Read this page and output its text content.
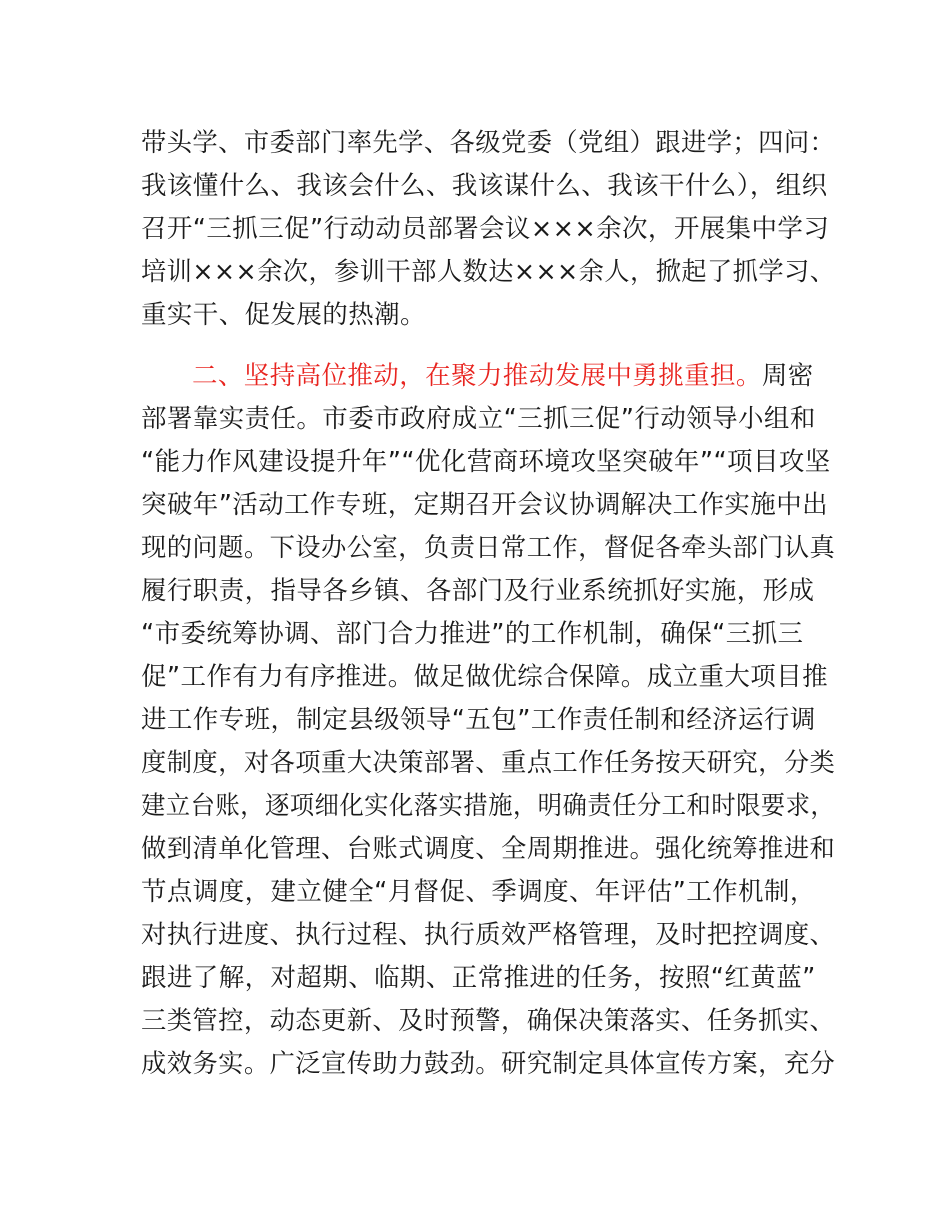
带头学、市委部门率先学、各级党委（党组）跟进学；四问：
我该懂什么、我该会什么、我该谋什么、我该干什么），组织
召开“三抓三促”行动动员部署会议×××余次，开展集中学习
培训×××余次，参训干部人数达×××余人，掀起了抓学习、
重实干、促发展的热潮。
二、坚持高位推动，在聚力推动发展中勇挑重担。周密
部署靠实责任。市委市政府成立“三抓三促”行动领导小组和
“能力作风建设提升年”“优化营商环境攻坚突破年”“项目攻坚
突破年”活动工作专班，定期召开会议协调解决工作实施中出
现的问题。下设办公室，负责日常工作，督促各牵头部门认真
履行职责，指导各乡镇、各部门及行业系统抓好实施，形成
“市委统筹协调、部门合力推进”的工作机制，确保“三抓三
促”工作有力有序推进。做足做优综合保障。成立重大项目推
进工作专班，制定县级领导“五包”工作责任制和经济运行调
度制度，对各项重大决策部署、重点工作任务按天研究，分类
建立台账，逐项细化实化落实措施，明确责任分工和时限要求，
做到清单化管理、台账式调度、全周期推进。强化统筹推进和
节点调度，建立健全“月督促、季调度、年评估”工作机制，
对执行进度、执行过程、执行质效严格管理，及时把控调度、
跟进了解，对超期、临期、正常推进的任务，按照“红黄蓝”
三类管控，动态更新、及时预警，确保决策落实、任务抓实、
成效务实。广泛宣传助力鼓劲。研究制定具体宣传方案，充分
